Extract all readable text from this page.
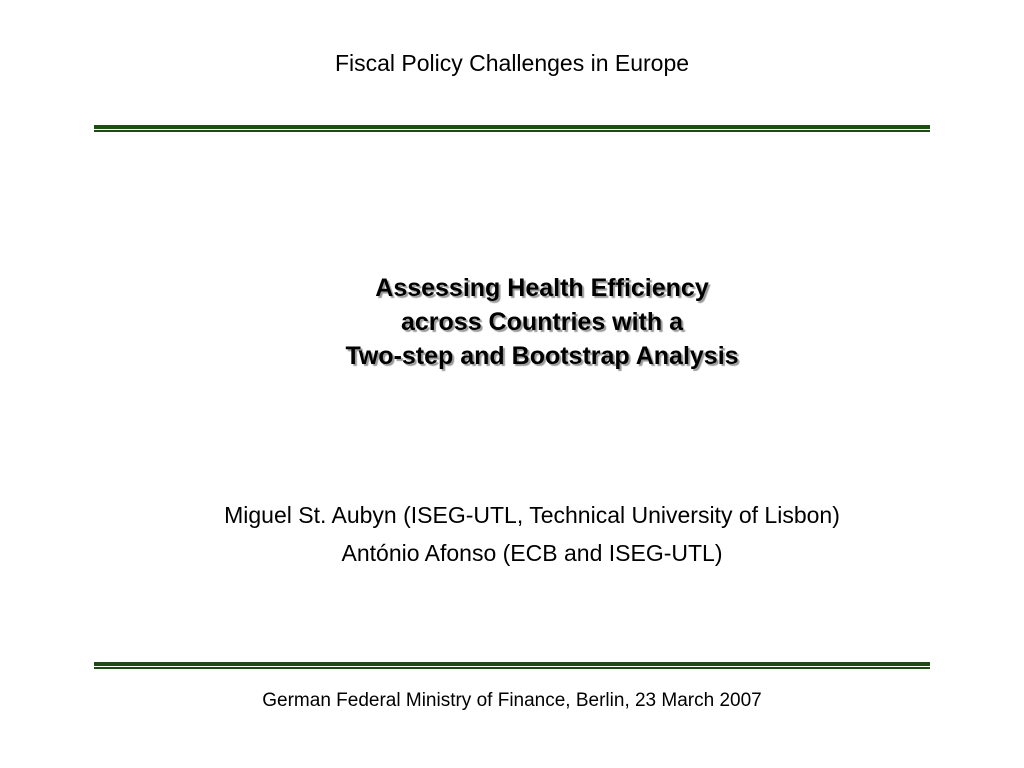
Fiscal Policy Challenges in Europe
Assessing Health Efficiency
across Countries with a
Two-step and Bootstrap Analysis
Miguel St. Aubyn (ISEG-UTL, Technical University of Lisbon)
António Afonso (ECB and ISEG-UTL)
German Federal Ministry of Finance, Berlin, 23 March 2007
